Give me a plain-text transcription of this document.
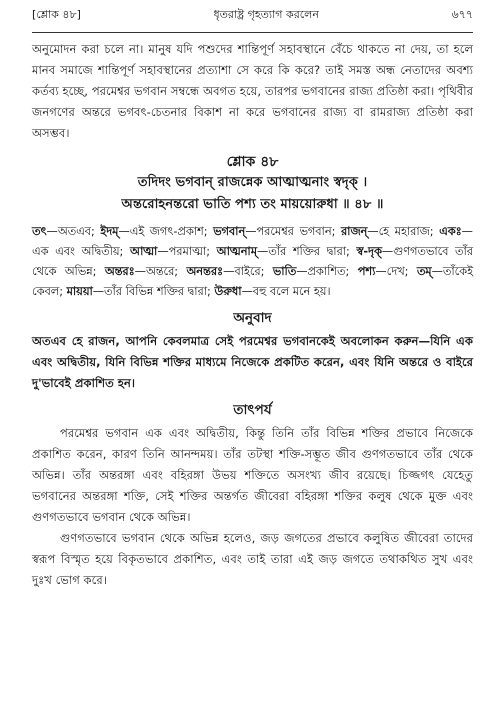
[শ্লোক ৪৮]	ধৃতরাষ্ট্র গৃহত্যাগ করলেন	৬৭৭

অনুমোদন করা চলে না। মানুষ যদি পশুদের শান্তিপূর্ণ সহাবস্থানে বেঁচে থাকতে না দেয়, তা হলে মানব সমাজে শান্তিপূর্ণ সহাবস্থানের প্রত্যাশা সে করে কি করে? তাই সমস্ত অন্ধ নেতাদের অবশ্য কর্তব্য হচ্ছে, পরমেশ্বর ভগবান সম্বন্ধে অবগত হয়ে, তারপর ভগবানের রাজ্য প্রতিষ্ঠা করা। পৃথিবীর জনগণের অন্তরে ভগবৎ-চেতনার বিকাশ না করে ভগবানের রাজ্য বা রামরাজ্য প্রতিষ্ঠা করা অসম্ভব।

শ্লোক ৪৮
তদিদং ভগবান্ রাজন্নেক আত্মাত্মনাং স্বদৃক্ ।
অন্তরোহনন্তরো ভাতি পশ্য তং মায়য়োরুধা ॥ ৪৮ ॥

তৎ—অতএব; ইদম্—এই জগৎ-প্রকাশ; ভগবান্—পরমেশ্বর ভগবান; রাজন্—হে মহারাজ; একঃ—এক এবং অদ্বিতীয়; আত্মা—পরমাত্মা; আত্মনাম্—তাঁর শক্তির দ্বারা; স্ব-দৃক্—গুণগতভাবে তাঁর থেকে অভিন্ন; অন্তরঃ—অন্তরে; অনন্তরঃ—বাইরে; ভাতি—প্রকাশিত; পশ্য—দেখ; তম্—তাঁকেই কেবল; মায়য়া—তাঁর বিভিন্ন শক্তির দ্বারা; উরুধা—বহু বলে মনে হয়।

অনুবাদ

অতএব হে রাজন, আপনি কেবলমাত্র সেই পরমেশ্বর ভগবানকেই অবলোকন করুন—যিনি এক এবং অদ্বিতীয়, যিনি বিভিন্ন শক্তির মাধ্যমে নিজেকে প্রকটিত করেন, এবং যিনি অন্তরে ও বাইরে দু'ভাবেই প্রকাশিত হন।

তাৎপর্য

পরমেশ্বর ভগবান এক এবং অদ্বিতীয়, কিন্তু তিনি তাঁর বিভিন্ন শক্তির প্রভাবে নিজেকে প্রকাশিত করেন, কারণ তিনি আনন্দময়। তাঁর তটস্থা শক্তি-সম্ভূত জীব গুণগতভাবে তাঁর থেকে অভিন্ন। তাঁর অন্তরঙ্গা এবং বহিরঙ্গা উভয় শক্তিতে অসংখ্য জীব রয়েছে। চিজ্জগৎ যেহেতু ভগবানের অন্তরঙ্গা শক্তি, সেই শক্তির অন্তর্গত জীবেরা বহিরঙ্গা শক্তির কলুষ থেকে মুক্ত এবং গুণগতভাবে ভগবান থেকে অভিন্ন।

গুণগতভাবে ভগবান থেকে অভিন্ন হলেও, জড় জগতের প্রভাবে কলুষিত জীবেরা তাদের স্বরূপ বিস্মৃত হয়ে বিকৃতভাবে প্রকাশিত, এবং তাই তারা এই জড় জগতে তথাকথিত সুখ এবং দুঃখ ভোগ করে।
